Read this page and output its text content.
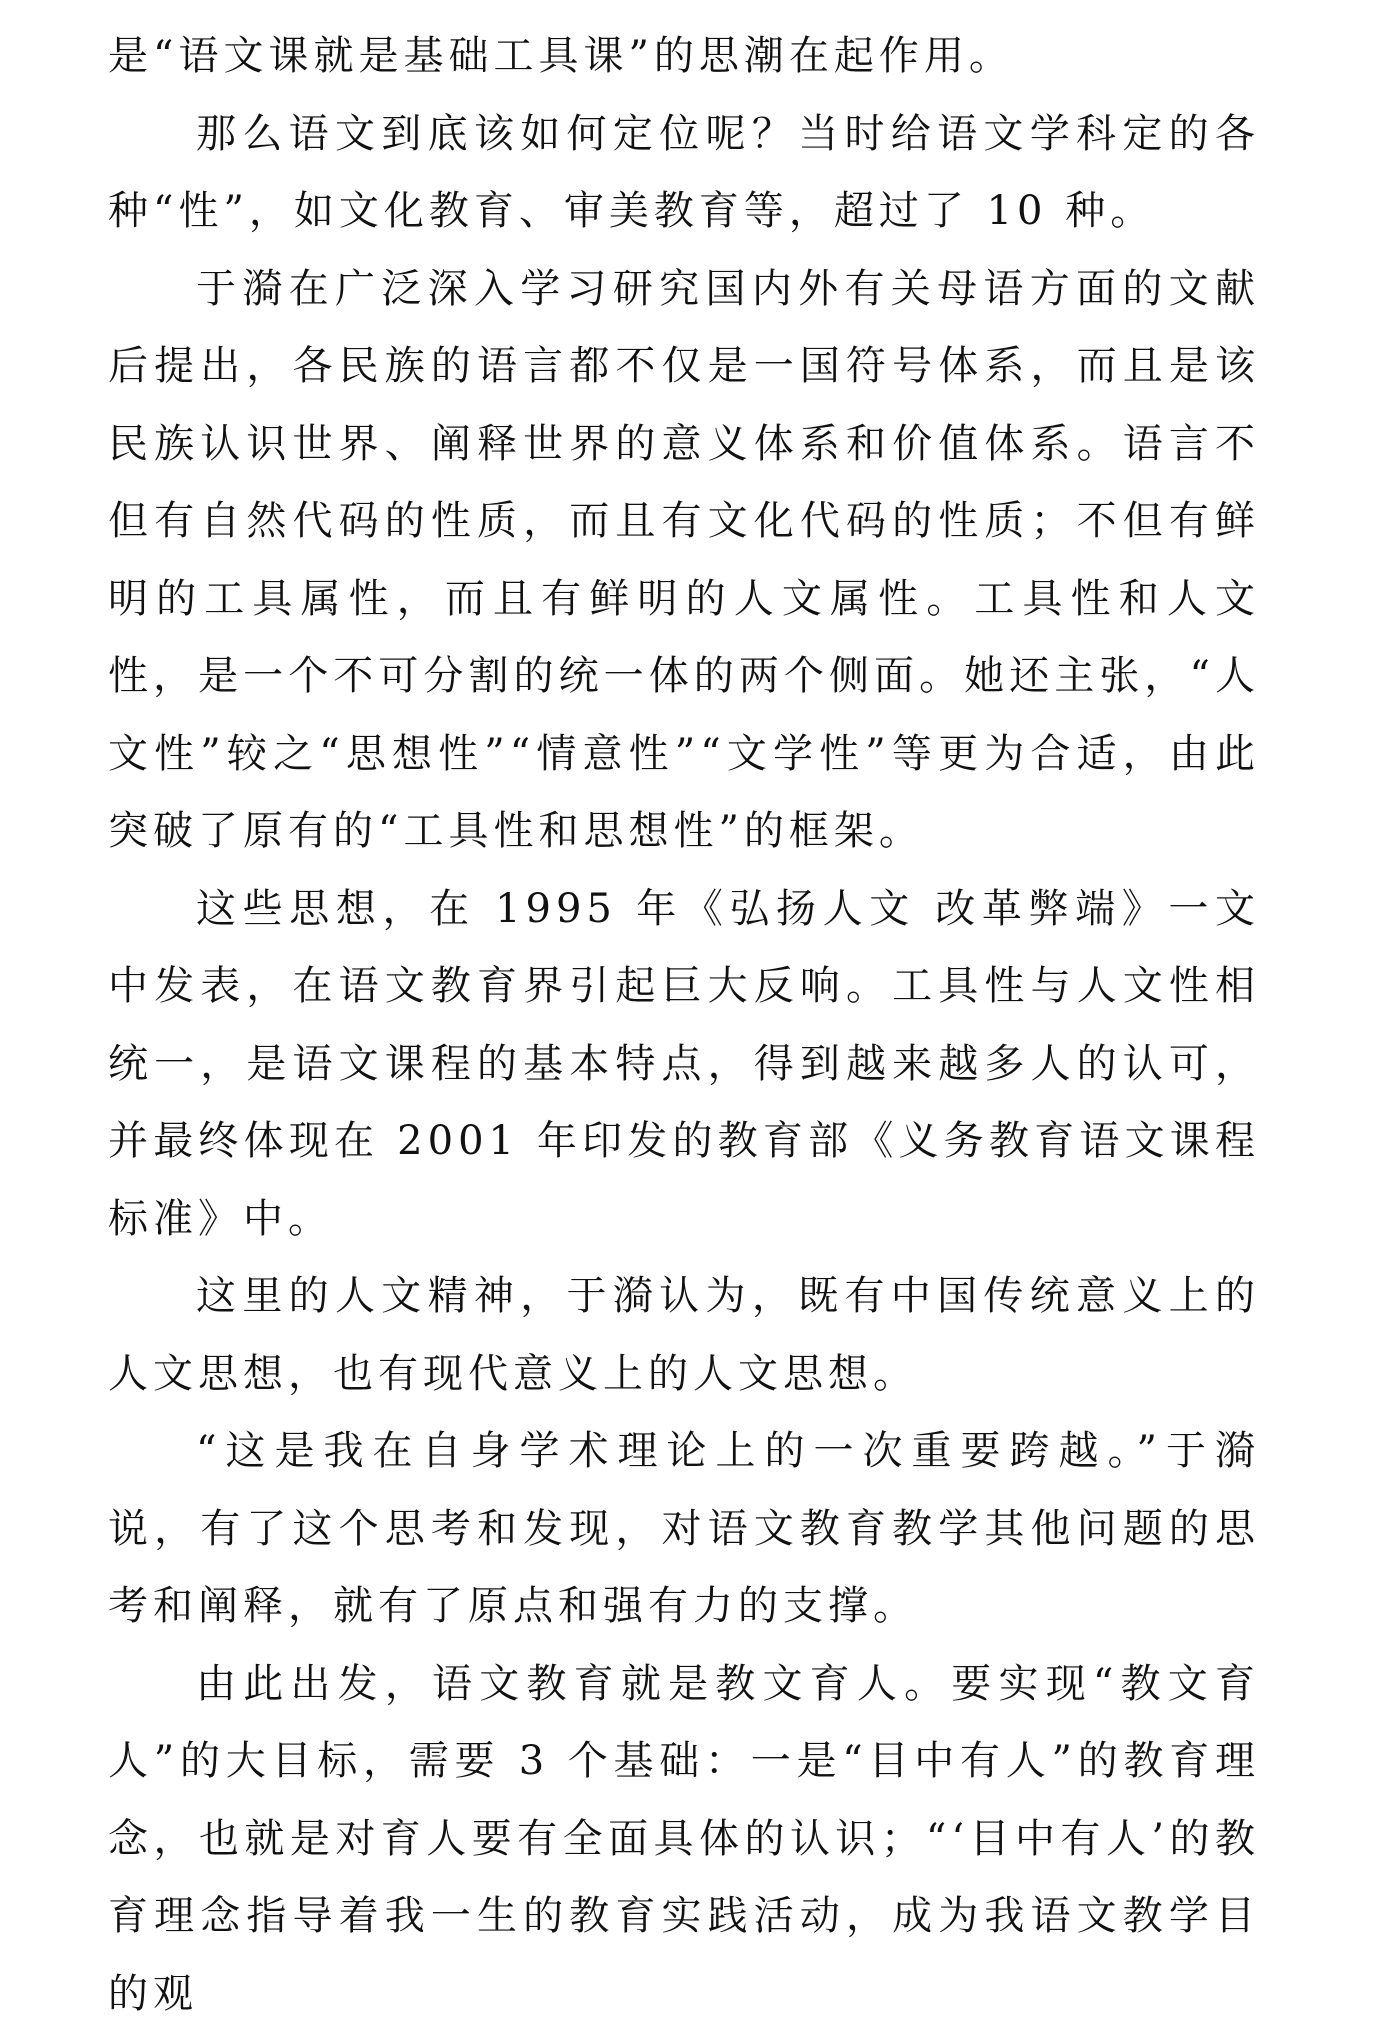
是“语文课就是基础工具课”的思潮在起作用。

那么语文到底该如何定位呢？当时给语文学科定的各种“性”，如文化教育、审美教育等，超过了 10 种。

于漪在广泛深入学习研究国内外有关母语方面的文献后提出，各民族的语言都不仅是一国符号体系，而且是该民族认识世界、阐释世界的意义体系和价值体系。语言不但有自然代码的性质，而且有文化代码的性质；不但有鲜明的工具属性，而且有鲜明的人文属性。工具性和人文性，是一个不可分割的统一体的两个侧面。她还主张，“人文性”较之“思想性”“情意性”“文学性”等更为合适，由此突破了原有的“工具性和思想性”的框架。

这些思想，在 1995 年《弘扬人文 改革弊端》一文中发表，在语文教育界引起巨大反响。工具性与人文性相统一，是语文课程的基本特点，得到越来越多人的认可，并最终体现在 2001 年印发的教育部《义务教育语文课程标准》中。

这里的人文精神，于漪认为，既有中国传统意义上的人文思想，也有现代意义上的人文思想。

“这是我在自身学术理论上的一次重要跨越。”于漪说，有了这个思考和发现，对语文教育教学其他问题的思考和阐释，就有了原点和强有力的支撑。

由此出发，语文教育就是教文育人。要实现“教文育人”的大目标，需要 3 个基础：一是“目中有人”的教育理念，也就是对育人要有全面具体的认识；“‘目中有人’的教育理念指导着我一生的教育实践活动，成为我语文教学目的观
